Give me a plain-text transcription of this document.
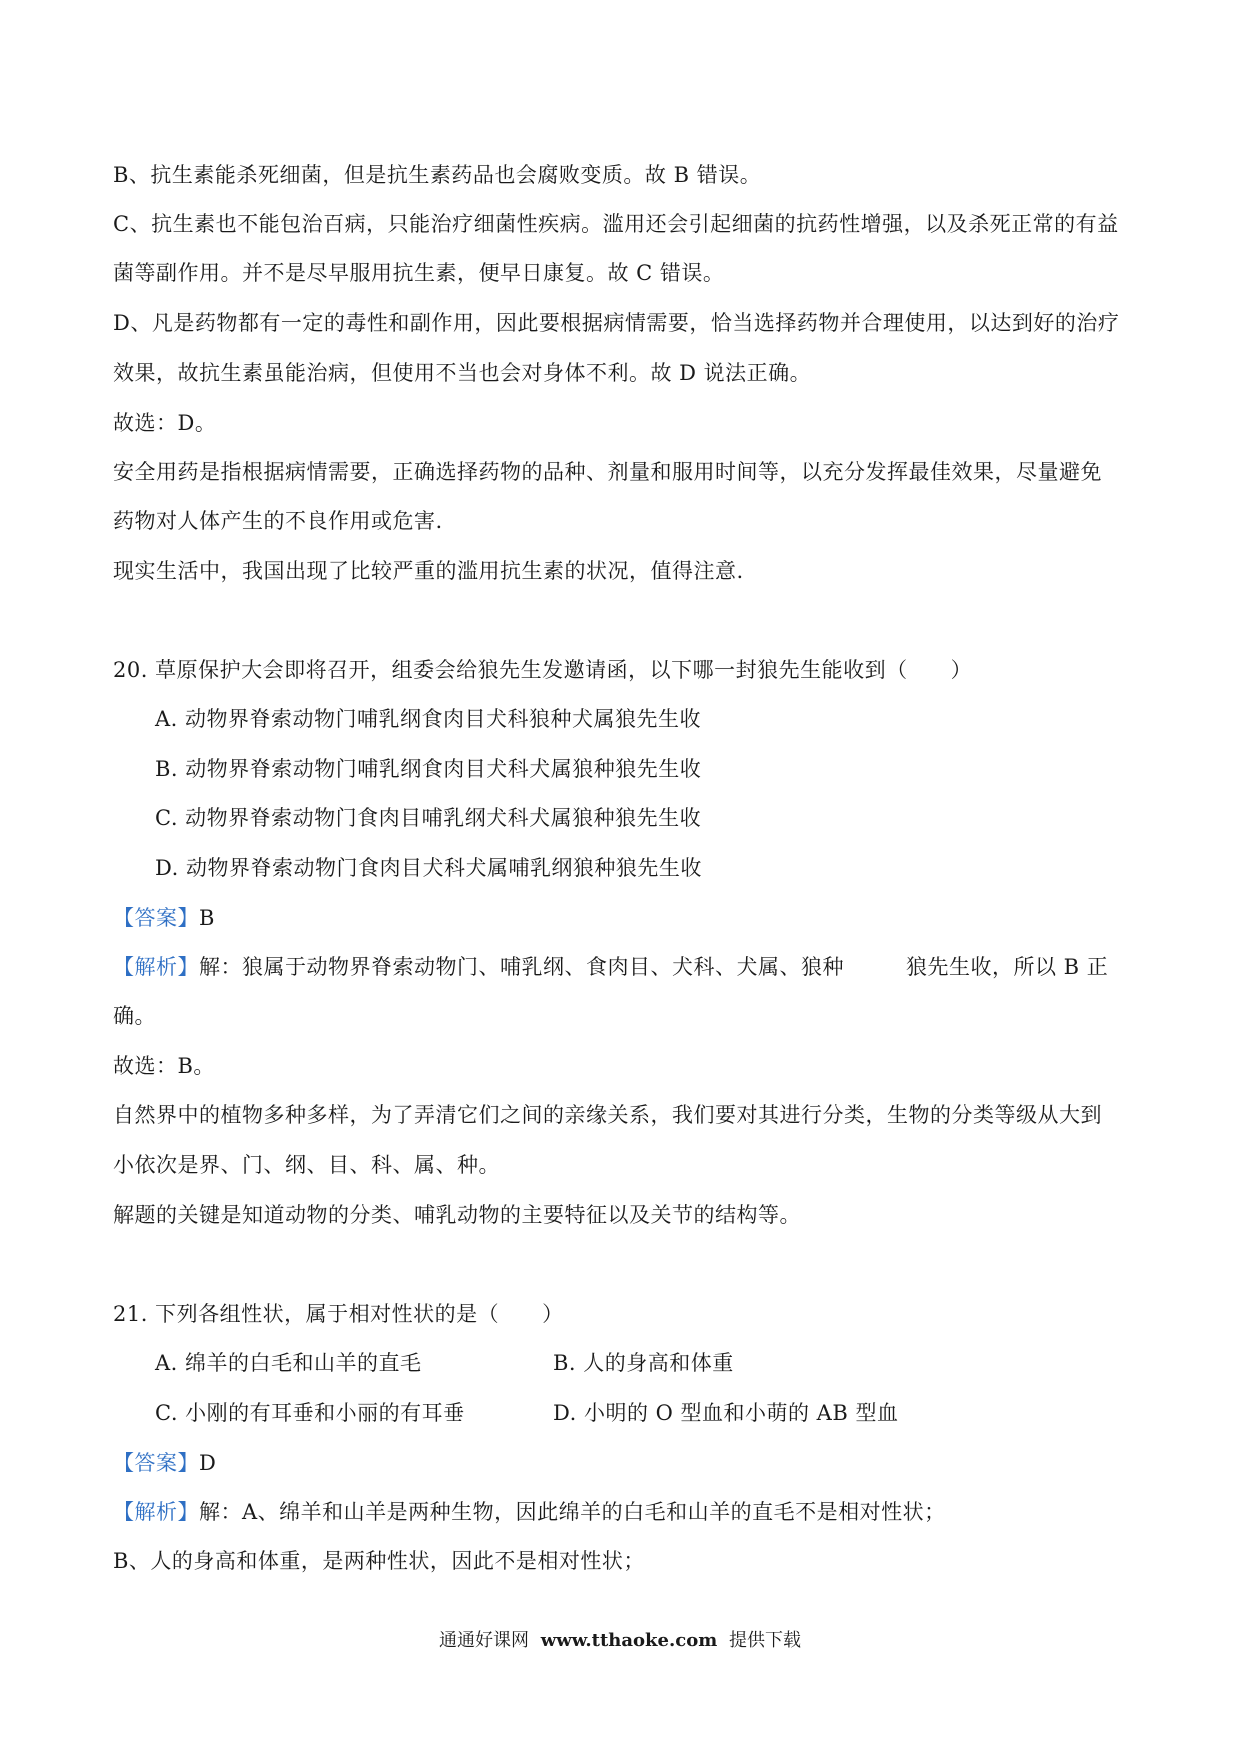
B、抗生素能杀死细菌，但是抗生素药品也会腐败变质。故 B 错误。
C、抗生素也不能包治百病，只能治疗细菌性疾病。滥用还会引起细菌的抗药性增强，以及杀死正常的有益
菌等副作用。并不是尽早服用抗生素，便早日康复。故 C 错误。
D、凡是药物都有一定的毒性和副作用，因此要根据病情需要，恰当选择药物并合理使用，以达到好的治疗
效果，故抗生素虽能治病，但使用不当也会对身体不利。故 D 说法正确。
故选：D。
安全用药是指根据病情需要，正确选择药物的品种、剂量和服用时间等，以充分发挥最佳效果，尽量避免
药物对人体产生的不良作用或危害.
现实生活中，我国出现了比较严重的滥用抗生素的状况，值得注意.
20. 草原保护大会即将召开，组委会给狼先生发邀请函，以下哪一封狼先生能收到（　　）
A. 动物界脊索动物门哺乳纲食肉目犬科狼种犬属狼先生收
B. 动物界脊索动物门哺乳纲食肉目犬科犬属狼种狼先生收
C. 动物界脊索动物门食肉目哺乳纲犬科犬属狼种狼先生收
D. 动物界脊索动物门食肉目犬科犬属哺乳纲狼种狼先生收
【答案】B
【解析】解：狼属于动物界脊索动物门、哺乳纲、食肉目、犬科、犬属、狼种	狼先生收，所以 B 正
确。
故选：B。
自然界中的植物多种多样，为了弄清它们之间的亲缘关系，我们要对其进行分类，生物的分类等级从大到
小依次是界、门、纲、目、科、属、种。
解题的关键是知道动物的分类、哺乳动物的主要特征以及关节的结构等。
21. 下列各组性状，属于相对性状的是（　　）
A. 绵羊的白毛和山羊的直毛	B. 人的身高和体重
C. 小刚的有耳垂和小丽的有耳垂	D. 小明的 O 型血和小萌的 AB 型血
【答案】D
【解析】解：A、绵羊和山羊是两种生物，因此绵羊的白毛和山羊的直毛不是相对性状；
B、人的身高和体重，是两种性状，因此不是相对性状；
通通好课网 www.tthaoke.com 提供下载
